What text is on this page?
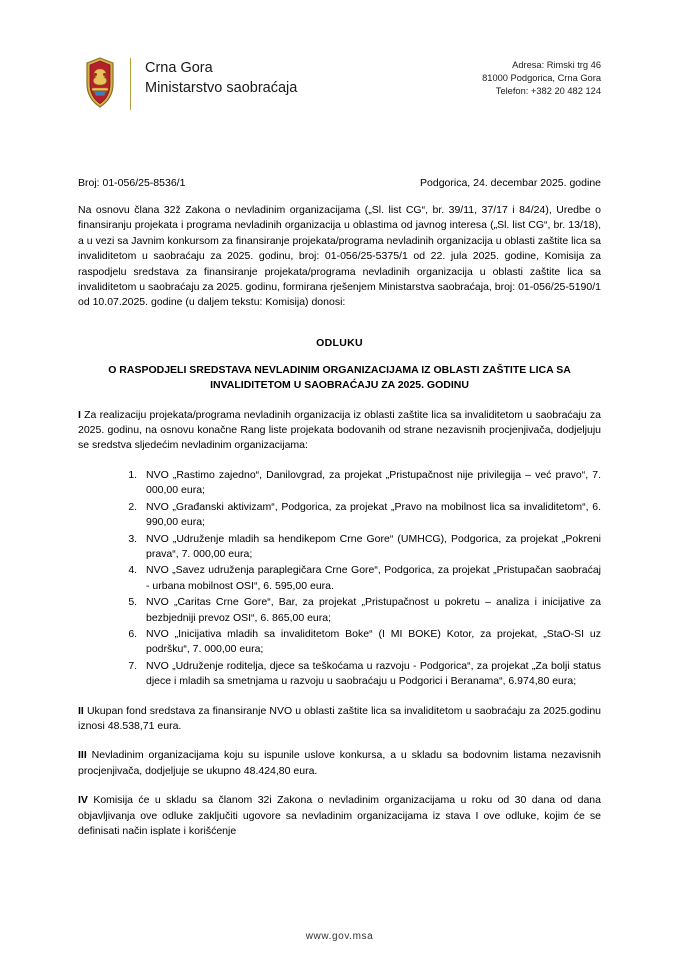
Crna Gora
Ministarstvo saobraćaja
Adresa: Rimski trg 46
81000 Podgorica, Crna Gora
Telefon: +382 20 482 124
Broj: 01-056/25-8536/1	Podgorica, 24. decembar 2025. godine
Na osnovu člana 32ž Zakona o nevladinim organizacijama („Sl. list CG“, br. 39/11, 37/17 i 84/24), Uredbe o finansiranju projekata i programa nevladinih organizacija u oblastima od javnog interesa („Sl. list CG“, br. 13/18), a u vezi sa Javnim konkursom za finansiranje projekata/programa nevladinih organizacija u oblasti zaštite lica sa invaliditetom u saobraćaju za 2025. godinu, broj: 01-056/25-5375/1 od 22. jula 2025. godine, Komisija za raspodjelu sredstava za finansiranje projekata/programa nevladinih organizacija u oblasti zaštite lica sa invaliditetom u saobraćaju za 2025. godinu, formirana rješenjem Ministarstva saobraćaja, broj: 01-056/25-5190/1 od 10.07.2025. godine (u daljem tekstu: Komisija) donosi:
ODLUKU
O RASPODJELI SREDSTAVA NEVLADINIM ORGANIZACIJAMA IZ OBLASTI ZAŠTITE LICA SA INVALIDITETOM U SAOBRAĆAJU ZA 2025. GODINU
I Za realizaciju projekata/programa nevladinih organizacija iz oblasti zaštite lica sa invaliditetom u saobraćaju za 2025. godinu, na osnovu konačne Rang liste projekata bodovanih od strane nezavisnih procjenjivača, dodjeljuju se sredstva sljedećim nevladinim organizacijama:
1. NVO „Rastimo zajedno“, Danilovgrad, za projekat „Pristupačnost nije privilegija – već pravo“, 7. 000,00 eura;
2. NVO „Građanski aktivizam“, Podgorica, za projekat „Pravo na mobilnost lica sa invaliditetom“, 6. 990,00 eura;
3. NVO „Udruženje mladih sa hendikepom Crne Gore“ (UMHCG), Podgorica, za projekat „Pokreni prava“, 7. 000,00 eura;
4. NVO „Savez udruženja paraplegičara Crne Gore“, Podgorica, za projekat „Pristupačan saobraćaj - urbana mobilnost OSI“, 6. 595,00 eura.
5. NVO „Caritas Crne Gore“, Bar, za projekat „Pristupačnost u pokretu – analiza i inicijative za bezbjedniji prevoz OSI“, 6. 865,00 eura;
6. NVO „Inicijativa mladih sa invaliditetom Boke“ (I MI BOKE) Kotor, za projekat, „StaO-SI uz podršku“, 7. 000,00 eura;
7. NVO „Udruženje roditelja, djece sa teškoćama u razvoju - Podgorica“, za projekat „Za bolji status djece i mladih sa smetnjama u razvoju u saobraćaju u Podgorici i Beranama“, 6.974,80 eura;
II Ukupan fond sredstava za finansiranje NVO u oblasti zaštite lica sa invaliditetom u saobraćaju za 2025.godinu iznosi 48.538,71 eura.
III Nevladinim organizacijama koju su ispunile uslove konkursa, a u skladu sa bodovnim listama nezavisnih procjenjivača, dodjeljuje se ukupno 48.424,80 eura.
IV Komisija će u skladu sa članom 32i Zakona o nevladinim organizacijama u roku od 30 dana od dana objavljivanja ove odluke zaključiti ugovore sa nevladinim organizacijama iz stava I ove odluke, kojim će se definisati način isplate i korišćenje
www.gov.msa
